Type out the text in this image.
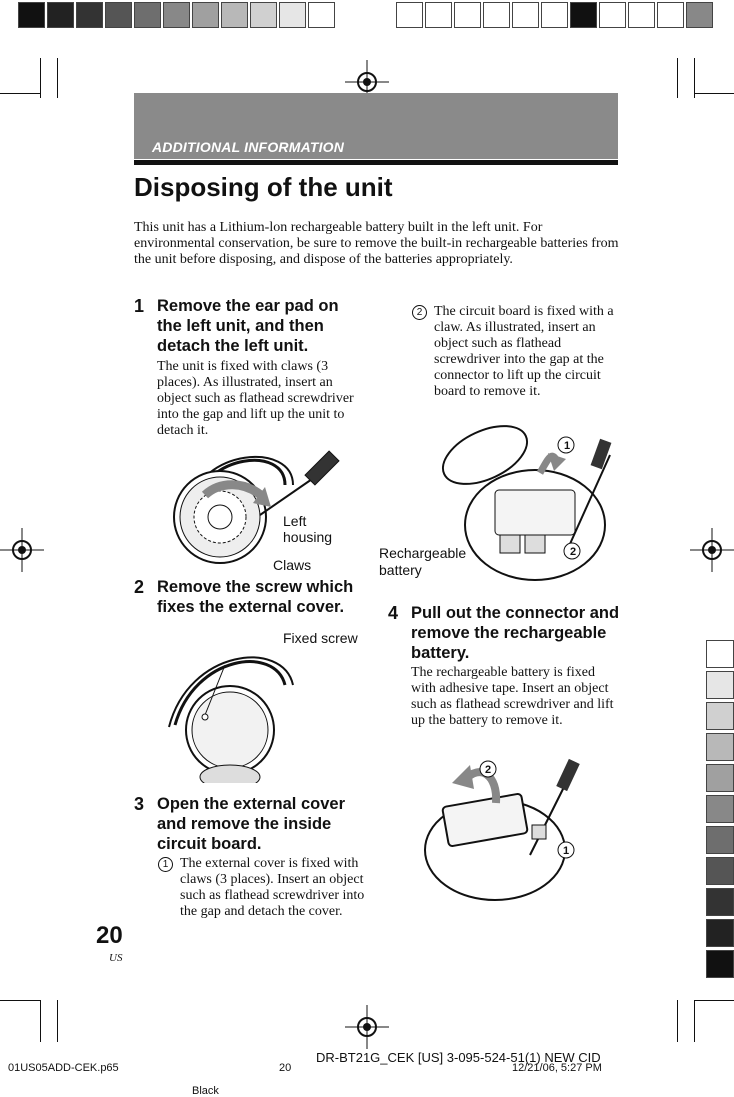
ADDITIONAL INFORMATION
Disposing of the unit
This unit has a Lithium-lon rechargeable battery built in the left unit. For environmental conservation, be sure to remove the built-in rechargeable batteries from the unit before disposing, and dispose of the batteries appropriately.
1 Remove the ear pad on the left unit, and then detach the left unit.
The unit is fixed with claws (3 places). As illustrated, insert an object such as flathead screwdriver into the gap and lift up the unit to detach it.
Left
housing
Claws
2 Remove the screw which fixes the external cover.
Fixed screw
3 Open the external cover and remove the inside circuit board.
1 The external cover is fixed with claws (3 places). Insert an object such as flathead screwdriver into the gap and detach the cover.
2 The circuit board is fixed with a claw. As illustrated, insert an object such as flathead screwdriver into the gap at the connector to lift up the circuit board to remove it.
1
2
Rechargeable
battery
4 Pull out the connector and remove the rechargeable battery.
The rechargeable battery is fixed with adhesive tape. Insert an object such as flathead screwdriver and lift up the battery to remove it.
2
1
20
US
01US05ADD-CEK.p65	20
DR-BT21G_CEK [US] 3-095-524-51(1) NEW CID
12/21/06, 5:27 PM
Black
